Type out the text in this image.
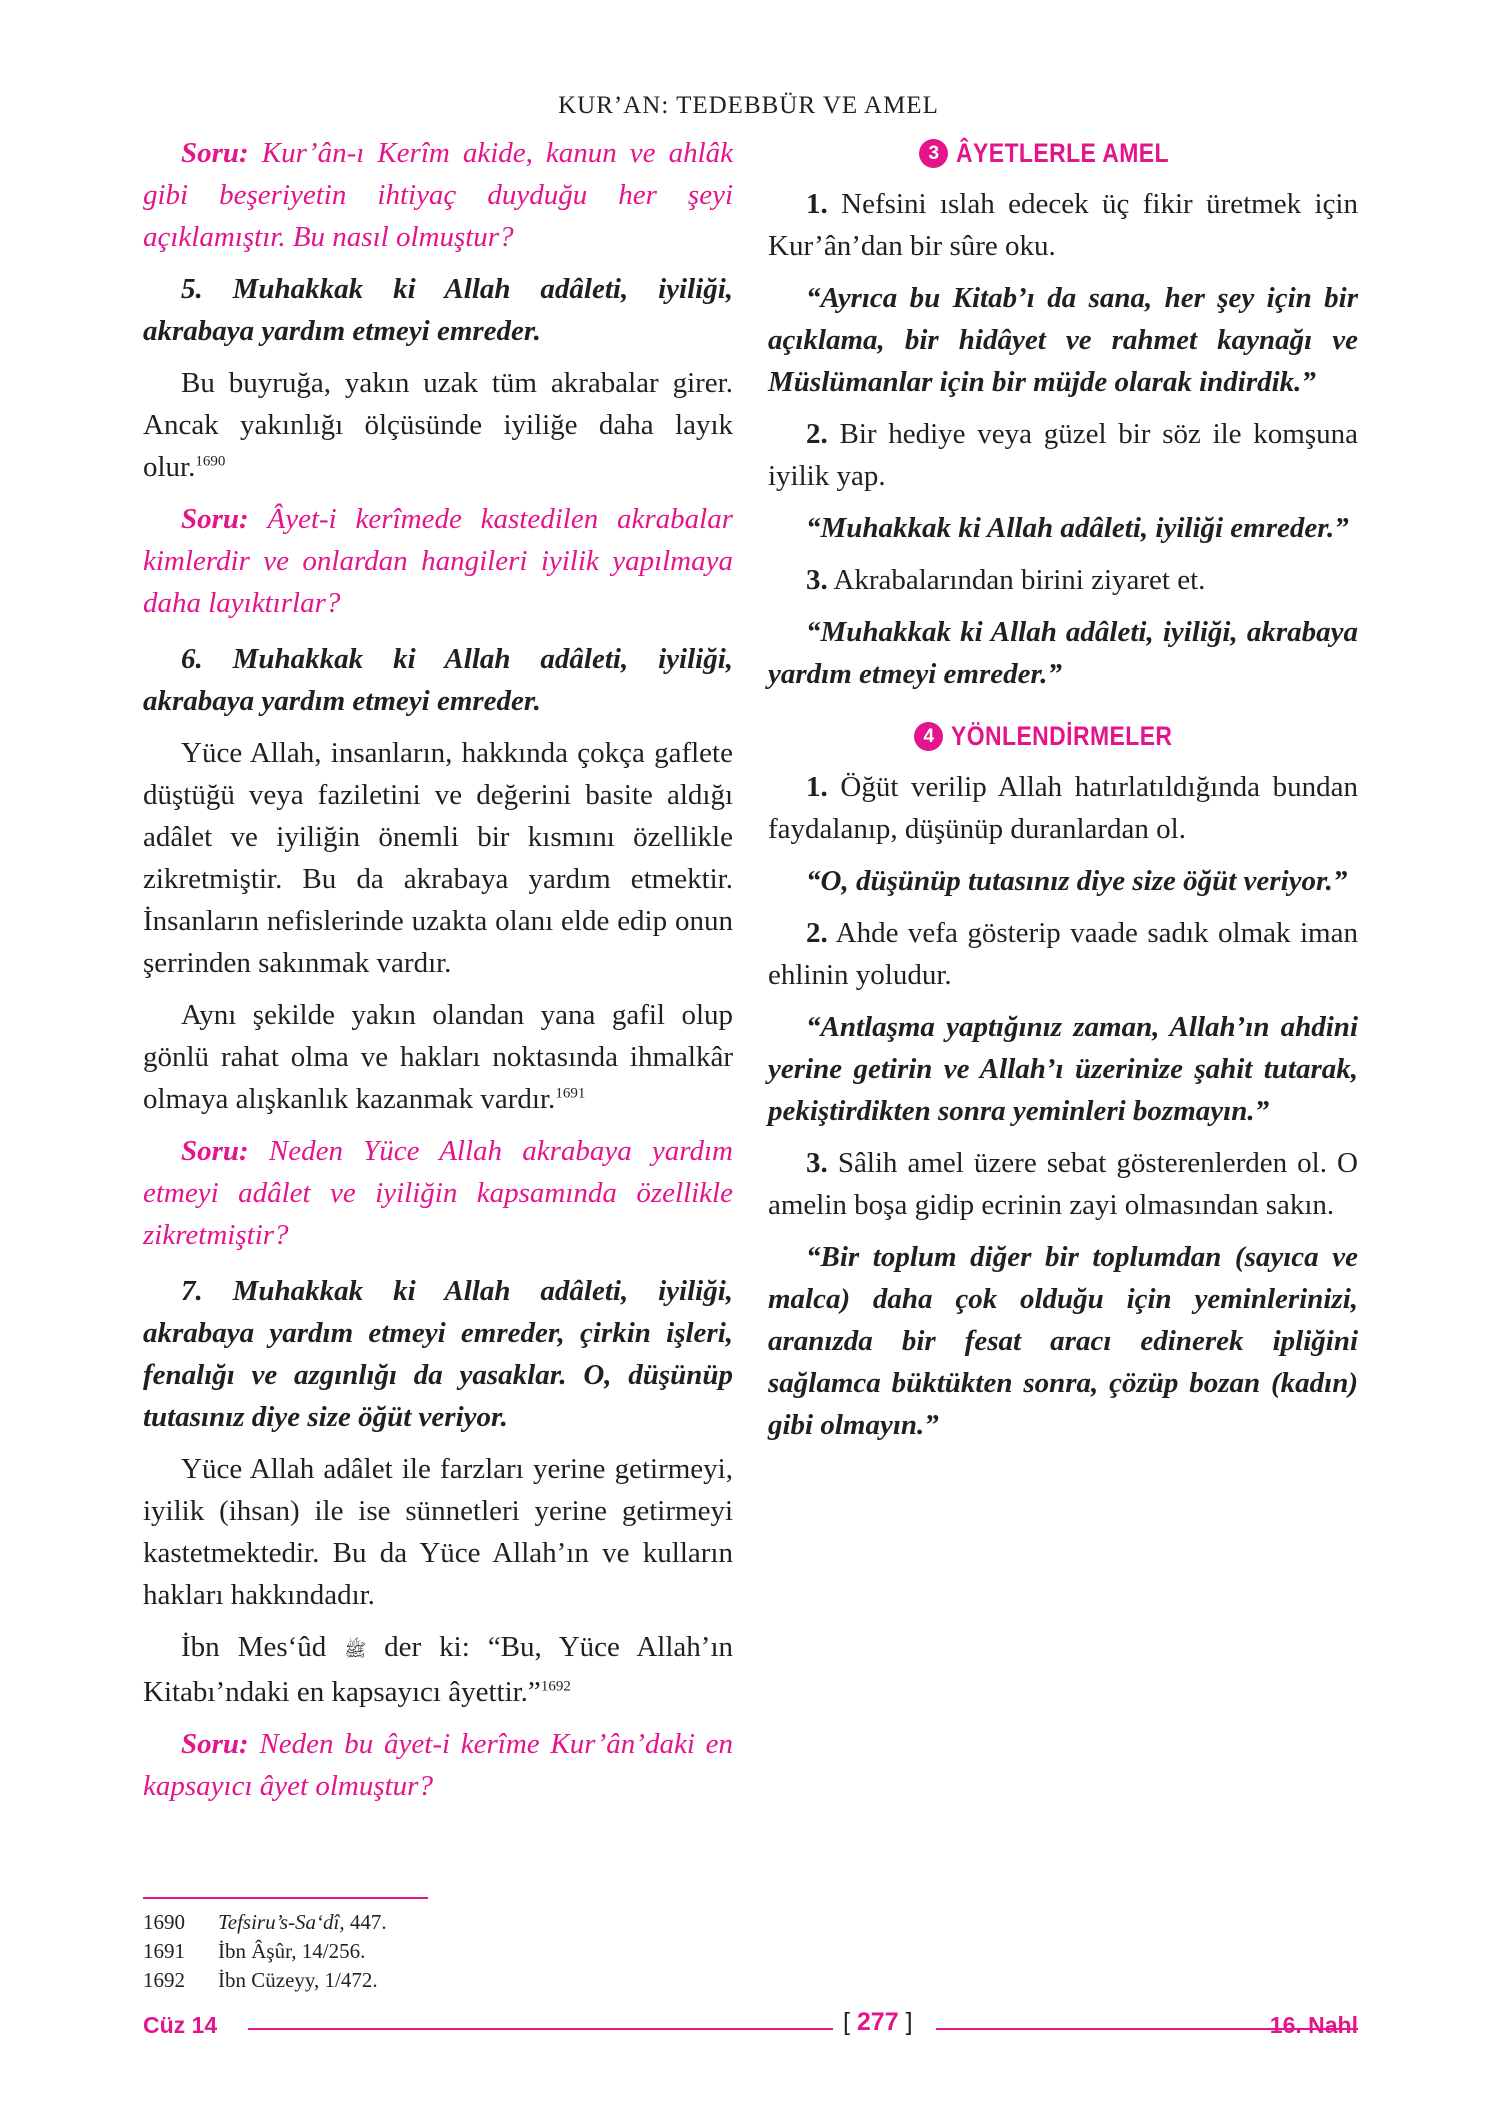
KUR’AN: TEDEBBÜR VE AMEL

Soru: Kur’ân-ı Kerîm akide, kanun ve ahlâk gibi beşeriyetin ihtiyaç duyduğu her şeyi açıklamıştır. Bu nasıl olmuştur?

5. Muhakkak ki Allah adâleti, iyiliği, akrabaya yardım etmeyi emreder.

Bu buyruğa, yakın uzak tüm akrabalar girer. Ancak yakınlığı ölçüsünde iyiliğe daha layık olur.$^{1690}$

Soru: Âyet-i kerîmede kastedilen akrabalar kimlerdir ve onlardan hangileri iyilik yapılmaya daha layıktırlar?

6. Muhakkak ki Allah adâleti, iyiliği, akrabaya yardım etmeyi emreder.

Yüce Allah, insanların, hakkında çokça gaflete düştüğü veya faziletini ve değerini basite aldığı adâlet ve iyiliğin önemli bir kısmını özellikle zikretmiştir. Bu da akrabaya yardım etmektir. İnsanların nefislerinde uzakta olanı elde edip onun şerrinden sakınmak vardır.

Aynı şekilde yakın olandan yana gafil olup gönlü rahat olma ve hakları noktasında ihmalkâr olmaya alışkanlık kazanmak vardır.$^{1691}$

Soru: Neden Yüce Allah akrabaya yardım etmeyi adâlet ve iyiliğin kapsamında özellikle zikretmiştir?

7. Muhakkak ki Allah adâleti, iyiliği, akrabaya yardım etmeyi emreder, çirkin işleri, fenalığı ve azgınlığı da yasaklar. O, düşünüp tutasınız diye size öğüt veriyor.

Yüce Allah adâlet ile farzları yerine getirmeyi, iyilik (ihsan) ile ise sünnetleri yerine getirmeyi kastetmektedir. Bu da Yüce Allah’ın ve kulların hakları hakkındadır.

İbn Mes‘ûd ﷺ der ki: “Bu, Yüce Allah’ın Kitabı’ndaki en kapsayıcı âyettir.”$^{1692}$

Soru: Neden bu âyet-i kerîme Kur’ân’daki en kapsayıcı âyet olmuştur?

3 ÂYETLERLE AMEL

1. Nefsini ıslah edecek üç fikir üretmek için Kur’ân’dan bir sûre oku.

“Ayrıca bu Kitab’ı da sana, her şey için bir açıklama, bir hidâyet ve rahmet kaynağı ve Müslümanlar için bir müjde olarak indirdik.”

2. Bir hediye veya güzel bir söz ile komşuna iyilik yap.

“Muhakkak ki Allah adâleti, iyiliği emreder.”

3. Akrabalarından birini ziyaret et.

“Muhakkak ki Allah adâleti, iyiliği, akrabaya yardım etmeyi emreder.”

4 YÖNLENDİRMELER

1. Öğüt verilip Allah hatırlatıldığında bundan faydalanıp, düşünüp duranlardan ol.

“O, düşünüp tutasınız diye size öğüt veriyor.”

2. Ahde vefa gösterip vaade sadık olmak iman ehlinin yoludur.

“Antlaşma yaptığınız zaman, Allah’ın ahdini yerine getirin ve Allah’ı üzerinize şahit tutarak, pekiştirdikten sonra yeminleri bozmayın.”

3. Sâlih amel üzere sebat gösterenlerden ol. O amelin boşa gidip ecrinin zayi olmasından sakın.

“Bir toplum diğer bir toplumdan (sayıca ve malca) daha çok olduğu için yeminlerinizi, aranızda bir fesat aracı edinerek ipliğini sağlamca büktükten sonra, çözüp bozan (kadın) gibi olmayın.”

1690	Tefsiru’s-Sa‘dî, 447.
1691	İbn Âşûr, 14/256.
1692	İbn Cüzeyy, 1/472.
Cüz 14	[ 277 ]	16. Nahl
